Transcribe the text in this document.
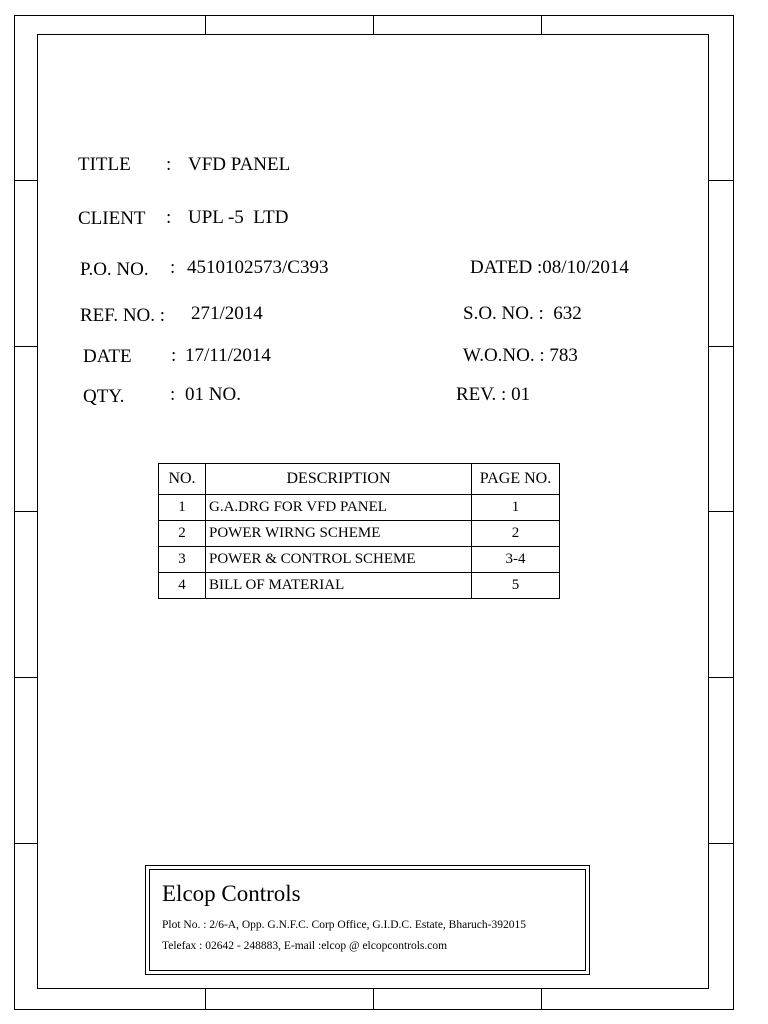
TITLE : VFD PANEL
CLIENT : UPL -5  LTD
P.O. NO. : 4510102573/C393	DATED :08/10/2014
REF. NO. : 271/2014	S.O. NO. :  632
DATE : 17/11/2014	W.O.NO. : 783
QTY. : 01 NO.	REV. : 01
NO.	DESCRIPTION	PAGE NO.
1	G.A.DRG FOR VFD PANEL	1
2	POWER WIRNG SCHEME	2
3	POWER & CONTROL SCHEME	3-4
4	BILL OF MATERIAL	5
Elcop Controls
Plot No. : 2/6-A, Opp. G.N.F.C. Corp Office, G.I.D.C. Estate, Bharuch-392015
Telefax : 02642 - 248883, E-mail :elcop @ elcopcontrols.com
